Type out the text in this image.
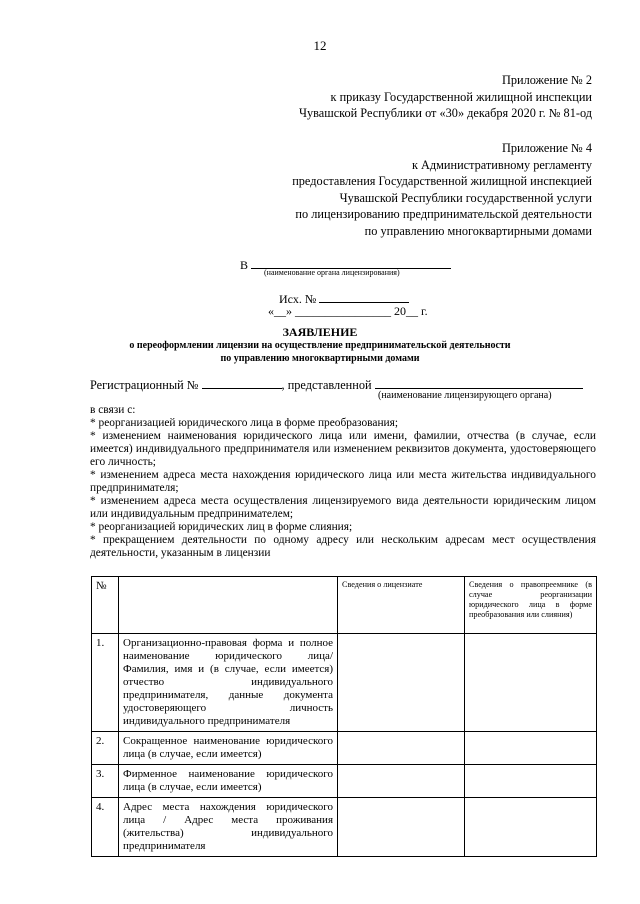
12
Приложение № 2
к приказу Государственной жилищной инспекции
Чувашской Республики от «30» декабря 2020 г. № 81-од
Приложение № 4
к Административному регламенту
предоставления Государственной жилищной инспекцией
Чувашской Республики государственной услуги
по лицензированию предпринимательской деятельности
по управлению многоквартирными домами
В
(наименование органа лицензирования)
Исх. №
«__» ________________ 20__ г.
ЗАЯВЛЕНИЕ
о переоформлении лицензии на осуществление предпринимательской деятельности
по управлению многоквартирными домами
Регистрационный №	, представленной
(наименование лицензирующего органа)

в связи с:

* реорганизацией юридического лица в форме преобразования;

* изменением наименования юридического лица или имени, фамилии, отчества (в случае, если имеется) индивидуального предпринимателя или изменением реквизитов документа, удостоверяющего его личность;

* изменением адреса места нахождения юридического лица или места жительства индивидуального предпринимателя;

* изменением адреса места осуществления лицензируемого вида деятельности юридическим лицом или индивидуальным предпринимателем;

* реорганизацией юридических лиц в форме слияния;

* прекращением деятельности по одному адресу или нескольким адресам мест осуществления деятельности, указанным в лицензии

№		Сведения о лицензиате	Сведения о правопреемнике (в случае реорганизации юридического лица в форме преобразования или слияния)
1.	Организационно-правовая форма и полное наименование юридического лица/ Фамилия, имя и (в случае, если имеется) отчество индивидуального предпринимателя, данные документа удостоверяющего личность индивидуального предпринимателя		
2.	Сокращенное наименование юридического лица (в случае, если имеется)		
3.	Фирменное наименование юридического лица (в случае, если имеется)		
4.	Адрес места нахождения юридического лица / Адрес места проживания (жительства) индивидуального предпринимателя		
